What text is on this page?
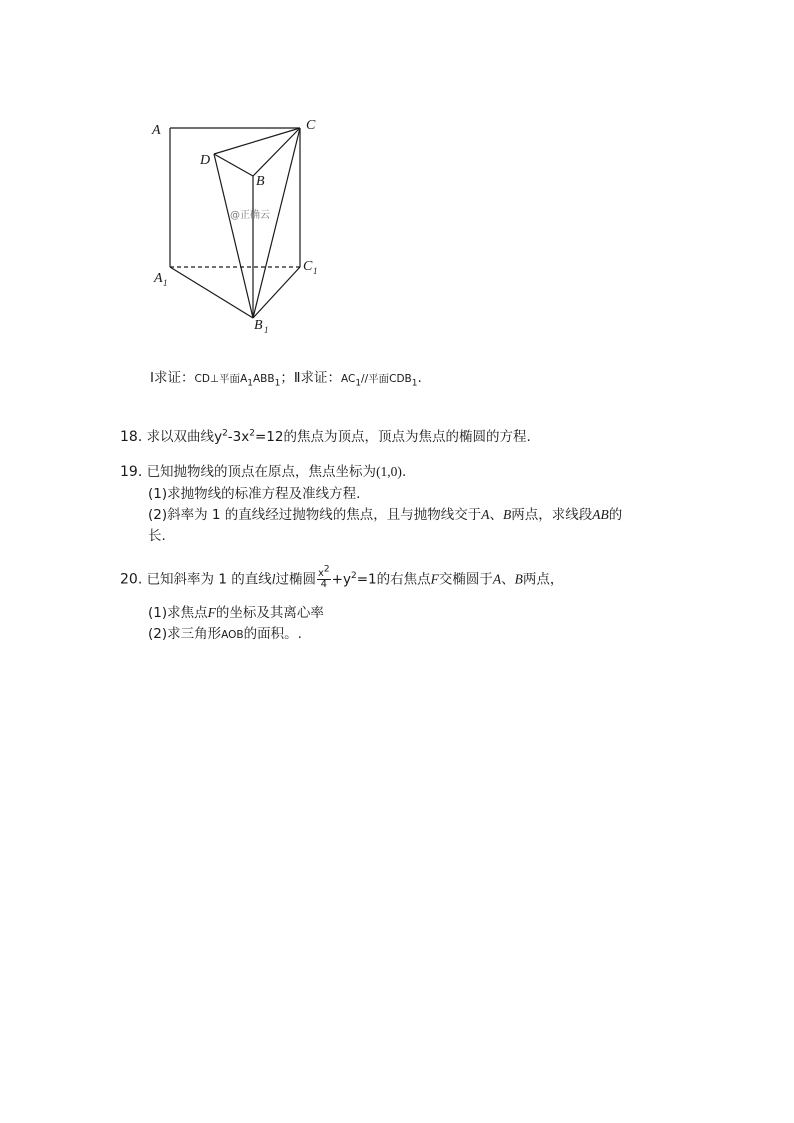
A	C
D
B
A 1
C 1
B 1
@正确云
Ⅰ求证：CD⊥平面$A_1ABB_1$；Ⅱ求证：$AC_1//$平面$CDB_1$.
18. 求以双曲线$y^2-3x^2=12$的焦点为顶点，顶点为焦点的椭圆的方程.
19. 已知抛物线的顶点在原点，焦点坐标为(1,0).
(1)求抛物线的标准方程及准线方程.
(2)斜率为 1 的直线经过抛物线的焦点，且与抛物线交于A、B两点，求线段AB的
长.
20. 已知斜率为 1 的直线l过椭圆 $\frac{x^2}{4} +y^2=1$的右焦点F交椭圆于A、B两点，
(1)求焦点F的坐标及其离心率
(2)求三角形AOB的面积。.
